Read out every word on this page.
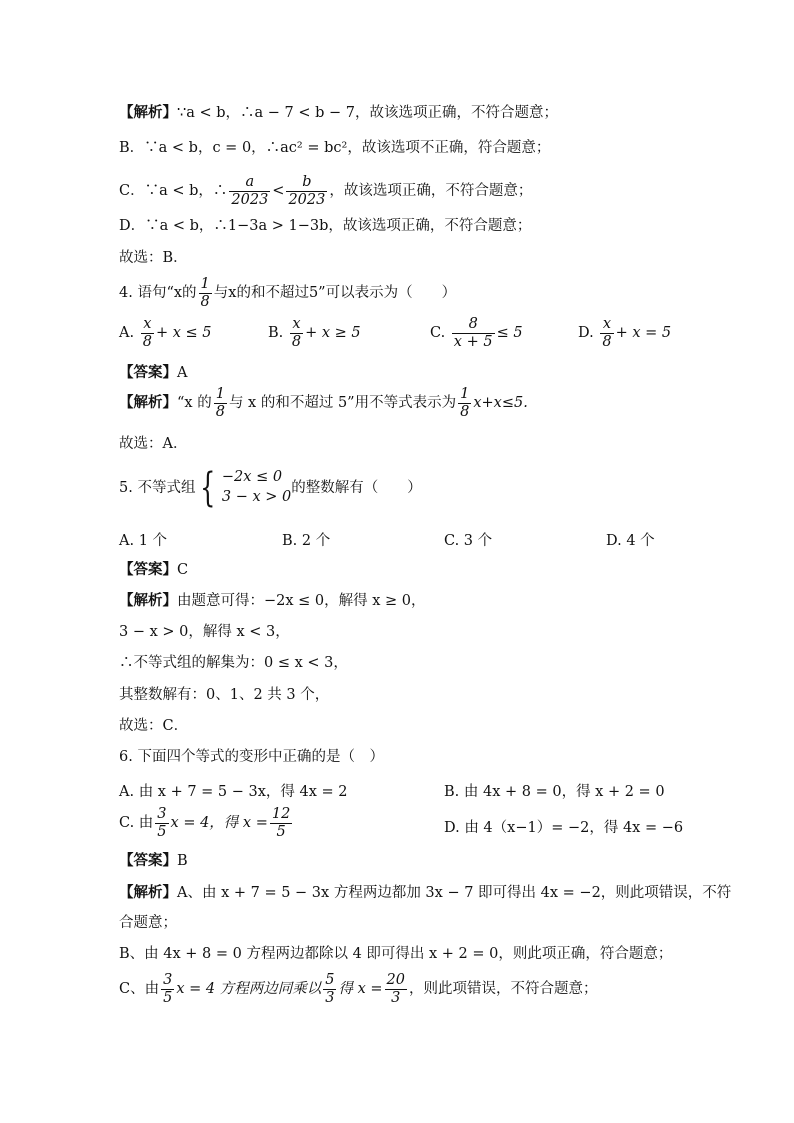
【解析】∵a < b，∴a − 7 < b − 7，故该选项正确，不符合题意；
B．∵a < b，c = 0，∴ac² = bc²，故该选项不正确，符合题意；
C．∵a < b，∴ $\frac{a}{2023} < \frac{b}{2023}$ ，故该选项正确，不符合题意；
D．∵a < b，∴1−3a > 1−3b，故该选项正确，不符合题意；
故选：B．
4. 语句“x的 $\frac{1}{8}$ 与x的和不超过5”可以表示为（　　）
A. $\frac{x}{8} + x \le 5$	B. $\frac{x}{8} + x \ge 5$	C. $\frac{8}{x + 5} \le 5$	D. $\frac{x}{8} + x = 5$
【答案】A
【解析】“x 的 $\frac{1}{8}$ 与 x 的和不超过 5”用不等式表示为 $\frac{1}{8} x+x\le 5$.
故选：A．
5. 不等式组 { −2x ≤ 0
3 − x > 0
的整数解有（　　）
A. 1 个	B. 2 个	C. 3 个	D. 4 个
【答案】C
【解析】由题意可得：−2x ≤ 0，解得 x ≥ 0，
3 − x > 0，解得 x < 3，
∴不等式组的解集为：0 ≤ x < 3，
其整数解有：0、1、2 共 3 个，
故选：C．
6. 下面四个等式的变形中正确的是（　）
A. 由 x + 7 = 5 − 3x，得 4x = 2	B. 由 4x + 8 = 0，得 x + 2 = 0
C. 由 $\frac{3}{5}$ x = 4，得 $x = \frac{12}{5}$	D. 由 4（x−1）= −2，得 4x = −6
【答案】B
【解析】A、由 x + 7 = 5 − 3x 方程两边都加 3x − 7 即可得出 4x = −2，则此项错误，不符
合题意；
B、由 4x + 8 = 0 方程两边都除以 4 即可得出 x + 2 = 0，则此项正确，符合题意；
C、由 $\frac{3}{5}$ x = 4 方程两边同乘以 $\frac{5}{3}$ 得 $x = \frac{20}{3}$ ，则此项错误，不符合题意；
